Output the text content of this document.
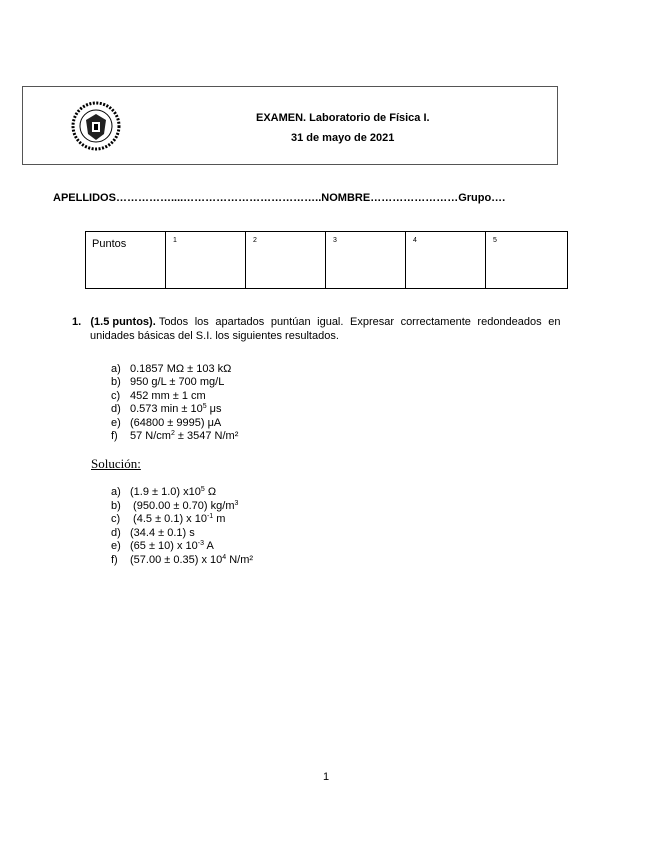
EXAMEN. Laboratorio de Física I.
31 de mayo de 2021
APELLIDOS……………....………………………………..NOMBRE……………………Grupo….
Puntos	1	2	3	4	5
1. (1.5 puntos). Todos los apartados puntúan igual. Expresar correctamente redondeados en
unidades básicas del S.I. los siguientes resultados.
a) 0.1857 MΩ ± 103 kΩ
b) 950 g/L ± 700 mg/L
c) 452 mm ± 1 cm
d) 0.573 $\min \pm 10^5$ μs
e) (64800 ± 9995) μA
f) 57 $N/cm^2 \pm 3547$ N/m²
Solución:
a) (1.9 ± 1.0) $x10^5$ Ω
b) (950.00 ± 0.70) $kg/m^3$
c) (4.5 ± 0.1) x $10^{-1}$ m
d) (34.4 ± 0.1) s
e) (65 ± 10) x $10^{-3}$ A
f) (57.00 ± 0.35) x $10^4$ N/m²
1
